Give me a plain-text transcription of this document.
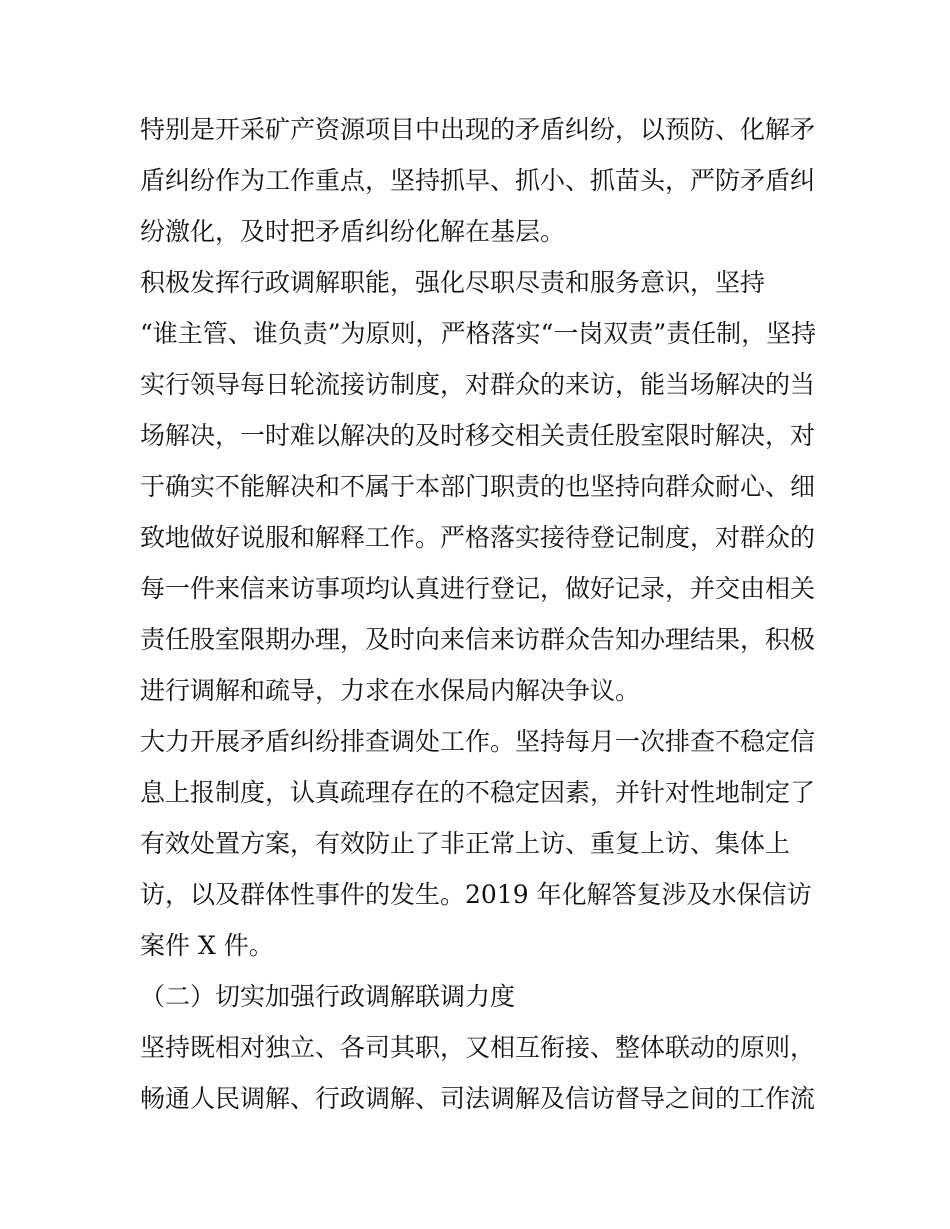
特别是开采矿产资源项目中出现的矛盾纠纷，以预防、化解矛
盾纠纷作为工作重点，坚持抓早、抓小、抓苗头，严防矛盾纠
纷激化，及时把矛盾纠纷化解在基层。
积极发挥行政调解职能，强化尽职尽责和服务意识，坚持
“谁主管、谁负责”为原则，严格落实“一岗双责”责任制，坚持
实行领导每日轮流接访制度，对群众的来访，能当场解决的当
场解决，一时难以解决的及时移交相关责任股室限时解决，对
于确实不能解决和不属于本部门职责的也坚持向群众耐心、细
致地做好说服和解释工作。严格落实接待登记制度，对群众的
每一件来信来访事项均认真进行登记，做好记录，并交由相关
责任股室限期办理，及时向来信来访群众告知办理结果，积极
进行调解和疏导，力求在水保局内解决争议。
大力开展矛盾纠纷排查调处工作。坚持每月一次排查不稳定信
息上报制度，认真疏理存在的不稳定因素，并针对性地制定了
有效处置方案，有效防止了非正常上访、重复上访、集体上
访，以及群体性事件的发生。2019 年化解答复涉及水保信访
案件 X 件。
（二）切实加强行政调解联调力度
坚持既相对独立、各司其职，又相互衔接、整体联动的原则，
畅通人民调解、行政调解、司法调解及信访督导之间的工作流
